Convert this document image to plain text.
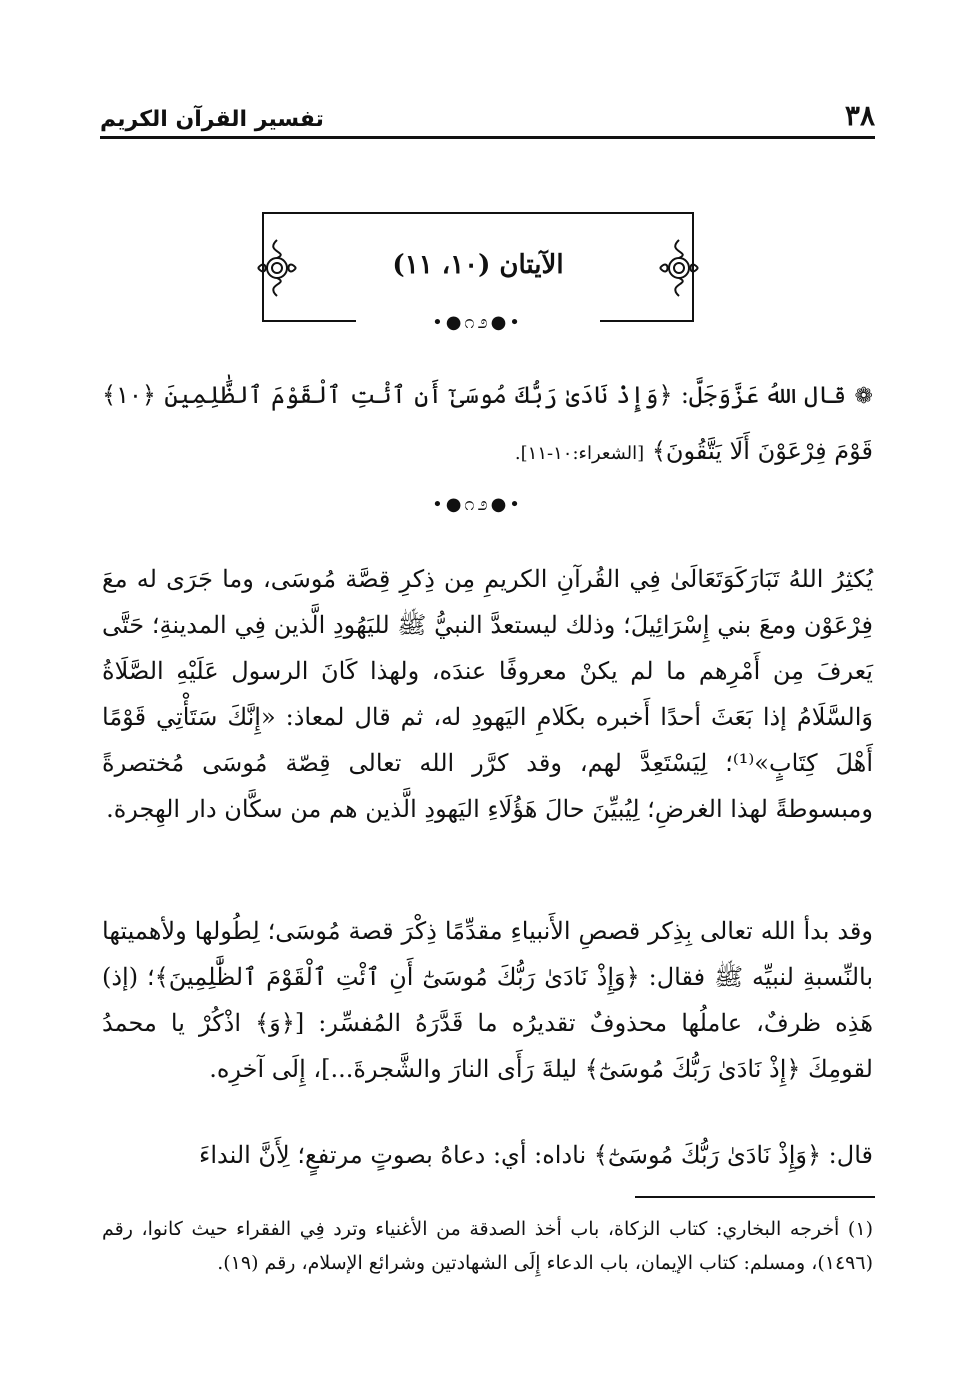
٣٨
تفسير القرآن الكريم
الآيتان (١٠، ١١)
•●೧೨●•
❁ قال اللهُ عَزَّوَجَلَّ: ﴿وَإِذْ نَادَىٰ رَبُّكَ مُوسَىٰٓ أَنِ ٱئْتِ ٱلْقَوْمَ ٱلظَّٰلِمِينَ ﴿١٠﴾ قَوْمَ فِرْعَوْنَ أَلَا يَتَّقُونَ﴾ [الشعراء:١٠-١١].
•●೧೨●•
يُكثِرُ اللهُ تَبَارَكَوَتَعَالَىٰ فِي القُرآنِ الكريمِ مِن ذِكرِ قِصَّة مُوسَى، وما جَرَى له معَ فِرْعَوْن ومعَ بني إِسْرَائِيلَ؛ وذلك ليستعدَّ النبيُّ ﷺ لليَهُودِ الَّذين فِي المدينةِ؛ حَتَّى يَعرفَ مِن أَمْرِهم ما لم يكنْ معروفًا عندَه، ولهذا كَانَ الرسول عَلَيْهِ الصَّلَاةُ وَالسَّلَامُ إذا بَعَثَ أحدًا أَخبره بكَلامِ اليَهودِ له، ثم قال لمعاذ: «إِنَّكَ سَتَأْتِي قَوْمًا أَهْلَ كِتَابٍ»⁽¹⁾؛ لِيَسْتَعِدَّ لهم، وقد كرَّر الله تعالى قِصّة مُوسَى مُختصرةً ومبسوطةً لهذا الغرضِ؛ لِيُبيِّنَ حالَ هَؤُلَاءِ اليَهودِ الَّذين هم من سكَّان دار الهِجرة.
وقد بدأ الله تعالى بِذِكر قصصِ الأَنبياءِ مقدِّمًا ذِكْرَ قصة مُوسَى؛ لِطُولها ولأهميتها بالنِّسبةِ لنبيِّه ﷺ فقال: ﴿وَإِذْ نَادَىٰ رَبُّكَ مُوسَىٰٓ أَنِ ٱئْتِ ٱلْقَوْمَ ٱلظَّٰلِمِينَ﴾؛ (إذ) هَذِه ظرفٌ، عاملُها محذوفٌ تقديرُه ما قَدَّرَهُ المُفسِّر: [﴿وَ﴾ اذْكُرْ يا محمدُ لقومِكَ ﴿إِذْ نَادَىٰ رَبُّكَ مُوسَىٰٓ﴾ ليلةَ رَأَى النارَ والشَّجرةَ...]، إِلَى آخرِه.
قال: ﴿وَإِذْ نَادَىٰ رَبُّكَ مُوسَىٰٓ﴾ ناداه: أي: دعاهُ بصوتٍ مرتفعٍ؛ لِأَنَّ النداءَ
(١) أخرجه البخاري: كتاب الزكاة، باب أخذ الصدقة من الأغنياء وترد فِي الفقراء حيث كانوا، رقم (١٤٩٦)، ومسلم: كتاب الإيمان، باب الدعاء إِلَى الشهادتين وشرائع الإسلام، رقم (١٩).
